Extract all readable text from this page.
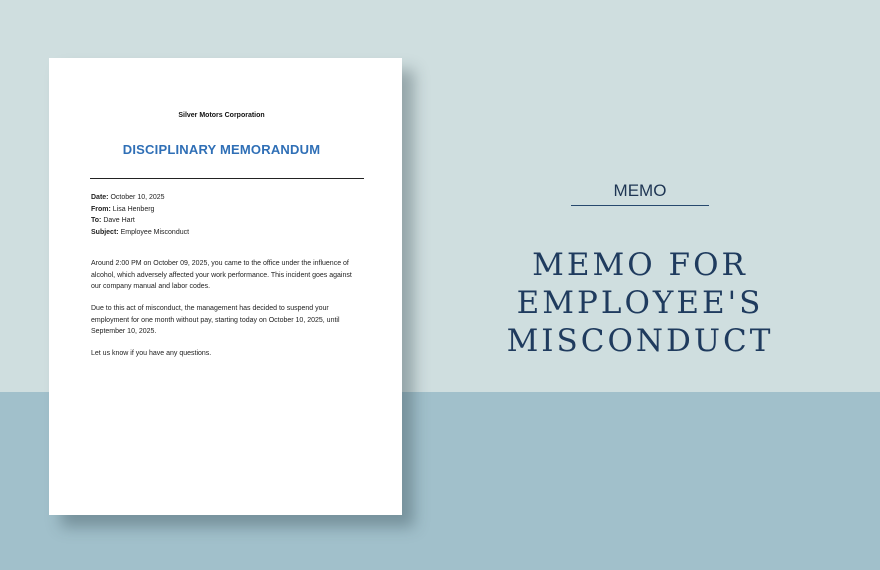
Silver Motors Corporation
DISCIPLINARY MEMORANDUM
Date: October 10, 2025
From: Lisa Henberg
To: Dave Hart
Subject: Employee Misconduct

Around 2:00 PM on October 09, 2025, you came to the office under the influence of alcohol, which adversely affected your work performance. This incident goes against our company manual and labor codes.

Due to this act of misconduct, the management has decided to suspend your employment for one month without pay, starting today on October 10, 2025, until September 10, 2025.

Let us know if you have any questions.

MEMO
MEMO FOR
EMPLOYEE'S
MISCONDUCT
